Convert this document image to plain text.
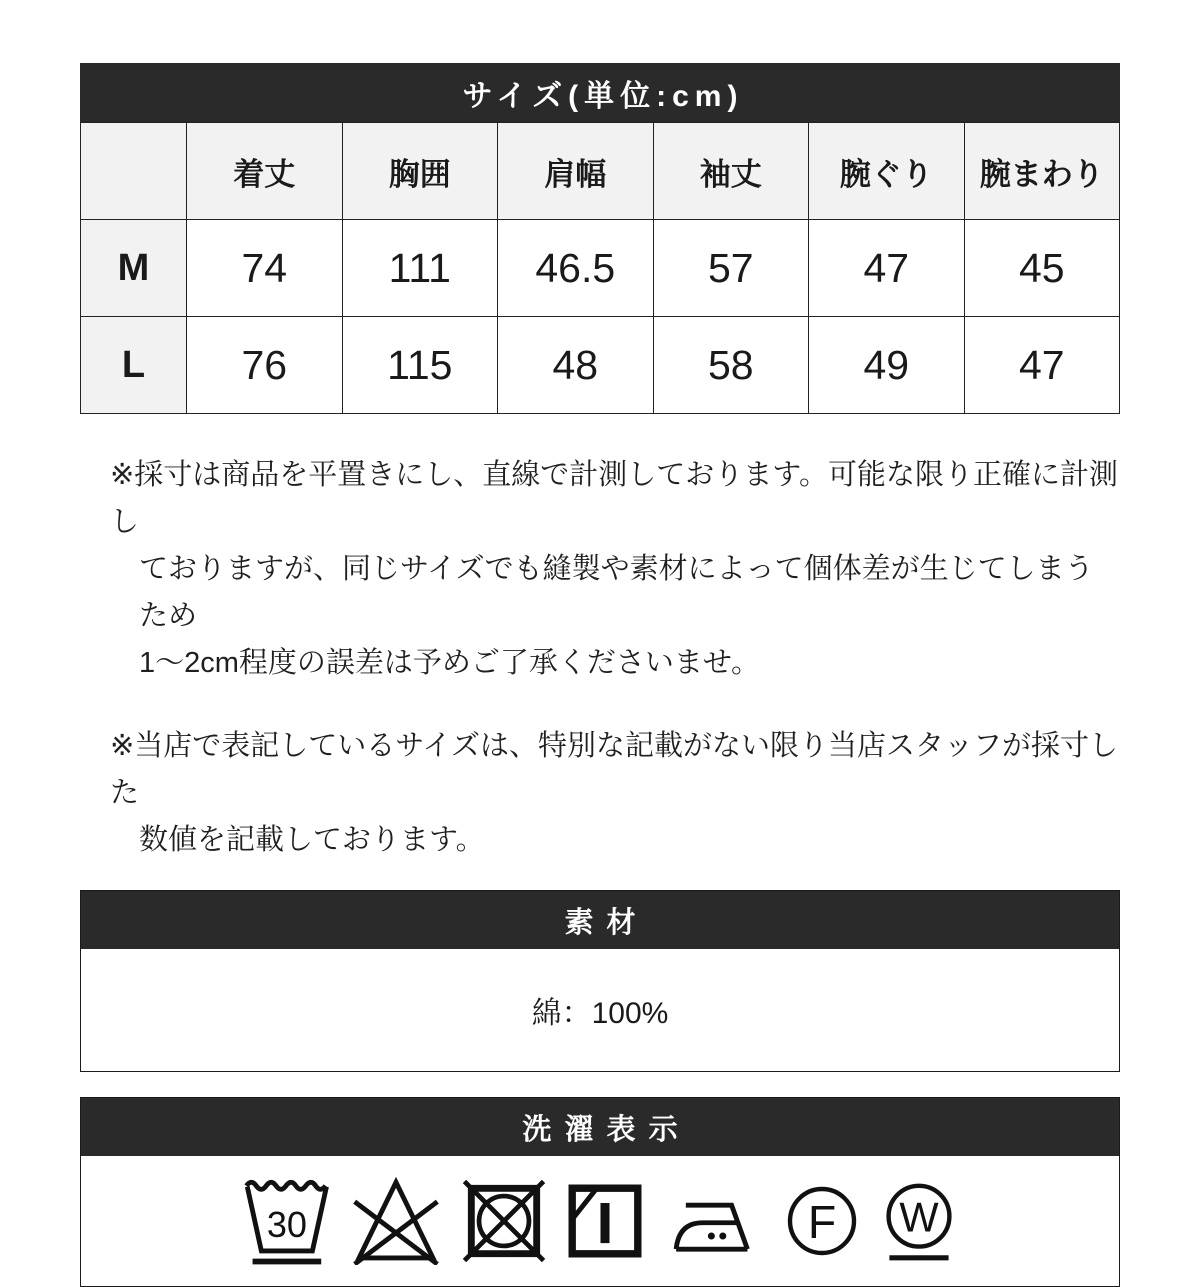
サイズ(単位:cm)
	着丈	胸囲	肩幅	袖丈	腕ぐり	腕まわり
M	74	111	46.5	57	47	45
L	76	115	48	58	49	47
※採寸は商品を平置きにし、直線で計測しております。可能な限り正確に計測し
ておりますが、同じサイズでも縫製や素材によって個体差が生じてしまうため
1～2cm程度の誤差は予めご了承くださいませ。
※当店で表記しているサイズは、特別な記載がない限り当店スタッフが採寸した
数値を記載しております。
素材
綿：100%
洗濯表示
30	F W
